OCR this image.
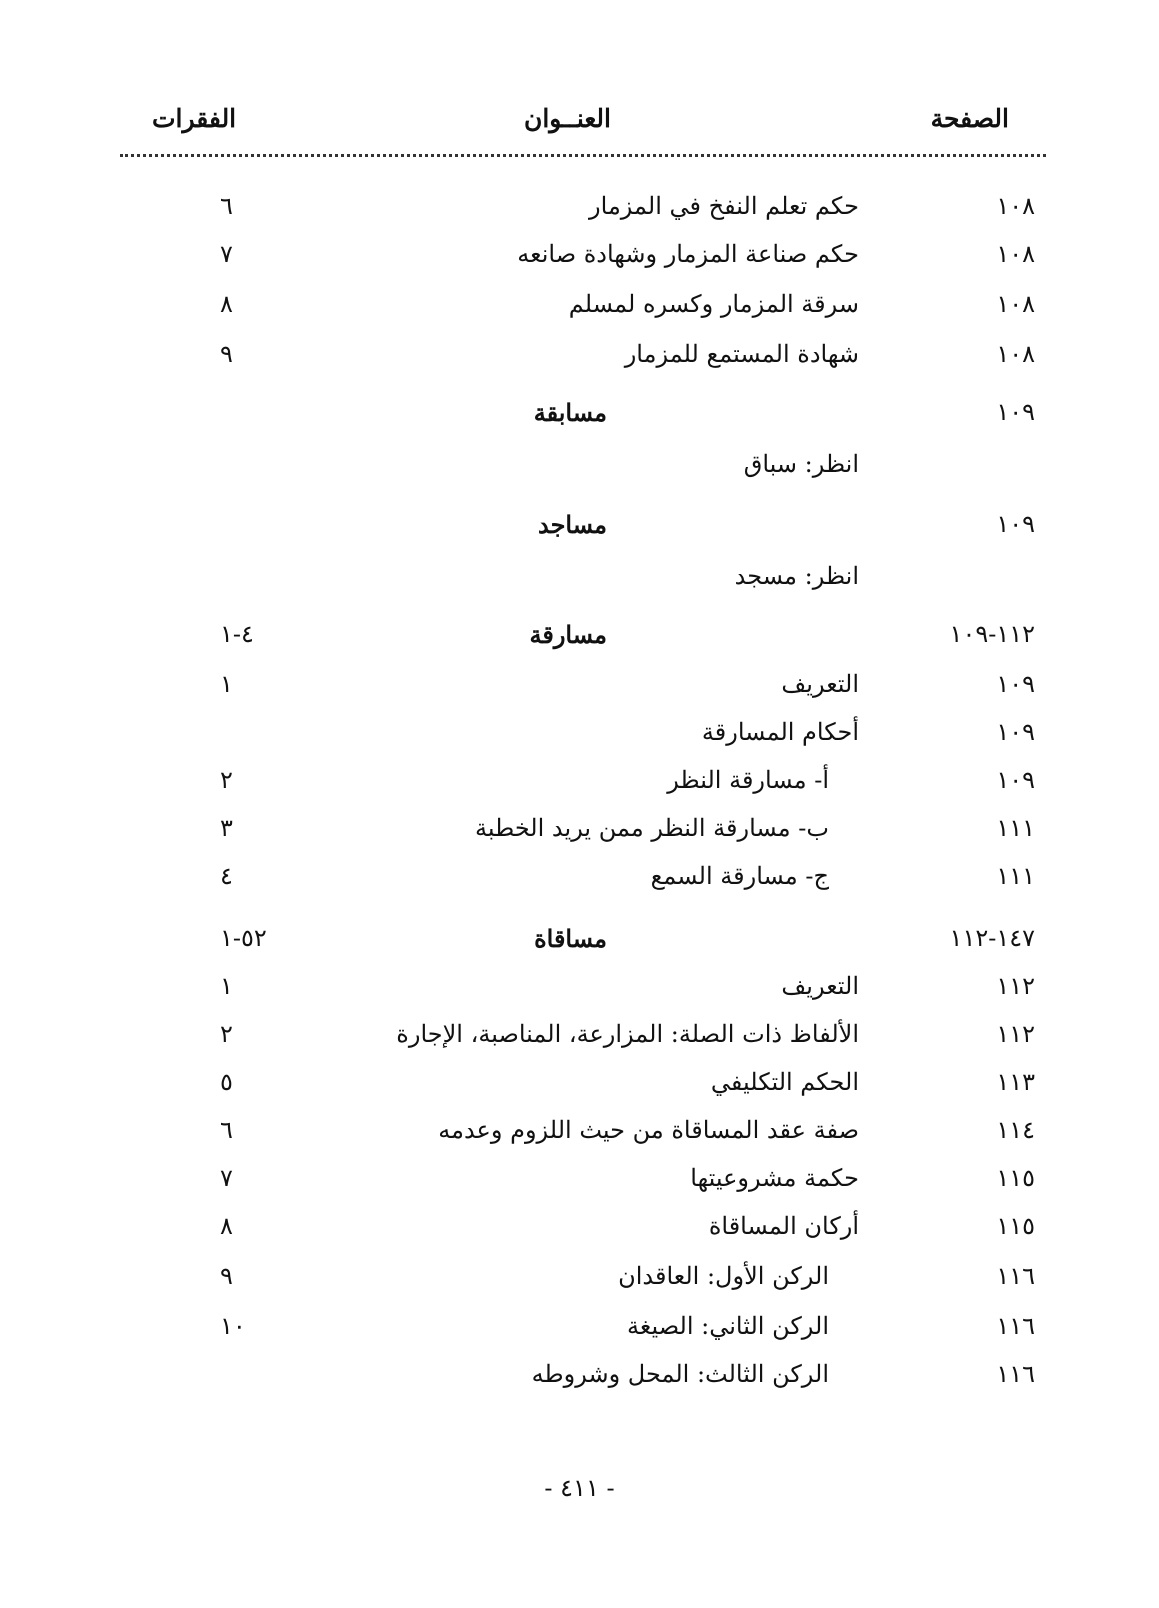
الصفحة
العنــوان
الفقرات
١٠٨
حكم تعلم النفخ في المزمار
٦
١٠٨
حكم صناعة المزمار وشهادة صانعه
٧
١٠٨
سرقة المزمار وكسره لمسلم
٨
١٠٨
شهادة المستمع للمزمار
٩
١٠٩
مسابقة
انظر: سباق
١٠٩
مساجد
انظر: مسجد
١١٢-١٠٩
مسارقة
٤-١
١٠٩
التعريف
١
١٠٩
أحكام المسارقة
١٠٩
أ- مسارقة النظر
٢
١١١
ب- مسارقة النظر ممن يريد الخطبة
٣
١١١
ج- مسارقة السمع
٤
١٤٧-١١٢
مساقاة
٥٢-١
١١٢
التعريف
١
١١٢
الألفاظ ذات الصلة: المزارعة، المناصبة، الإجارة
٢
١١٣
الحكم التكليفي
٥
١١٤
صفة عقد المساقاة من حيث اللزوم وعدمه
٦
١١٥
حكمة مشروعيتها
٧
١١٥
أركان المساقاة
٨
١١٦
الركن الأول: العاقدان
٩
١١٦
الركن الثاني: الصيغة
١٠
١١٦
الركن الثالث: المحل وشروطه
- ٤١١ -
